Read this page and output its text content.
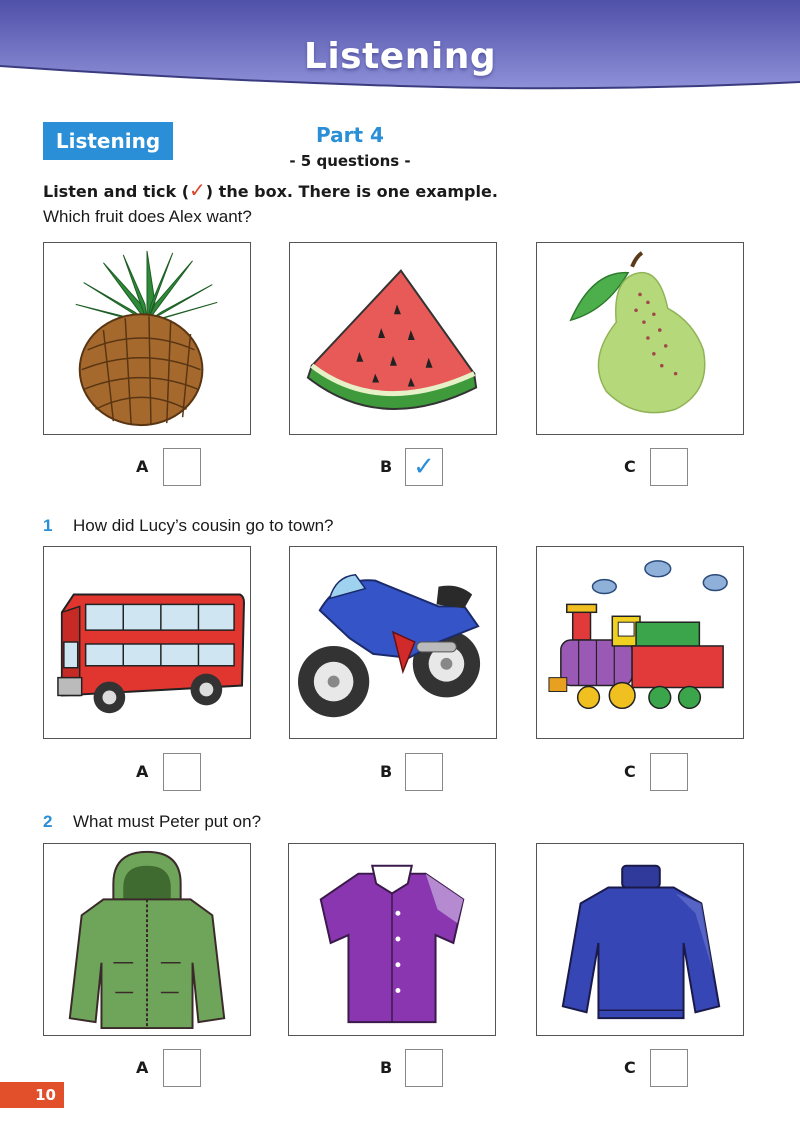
Listening
Listening	Part 4
- 5 questions -
Listen and tick (✓) the box. There is one example.
Which fruit does Alex want?
A	B ✓	C
1 How did Lucy’s cousin go to town?
A	B	C
2 What must Peter put on?
A	B	C
10
